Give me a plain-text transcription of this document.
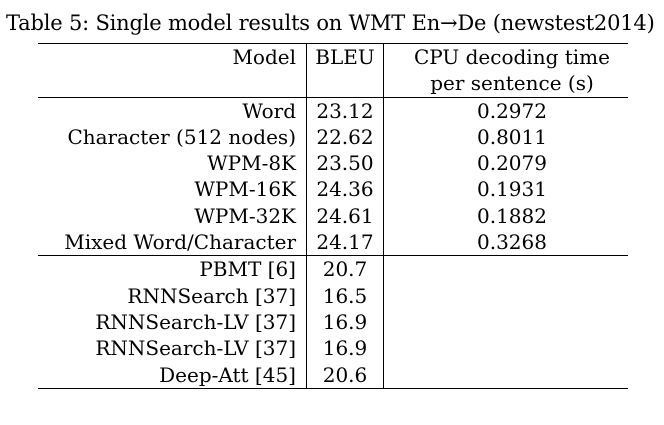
Table 5: Single model results on WMT En→De (newstest2014)
Model	BLEU	CPU decoding time
		per sentence (s)
Word	23.12	0.2972
Character (512 nodes)	22.62	0.8011
WPM-8K	23.50	0.2079
WPM-16K	24.36	0.1931
WPM-32K	24.61	0.1882
Mixed Word/Character	24.17	0.3268
PBMT [6]	20.7	
RNNSearch [37]	16.5	
RNNSearch-LV [37]	16.9	
RNNSearch-LV [37]	16.9	
Deep-Att [45]	20.6	
